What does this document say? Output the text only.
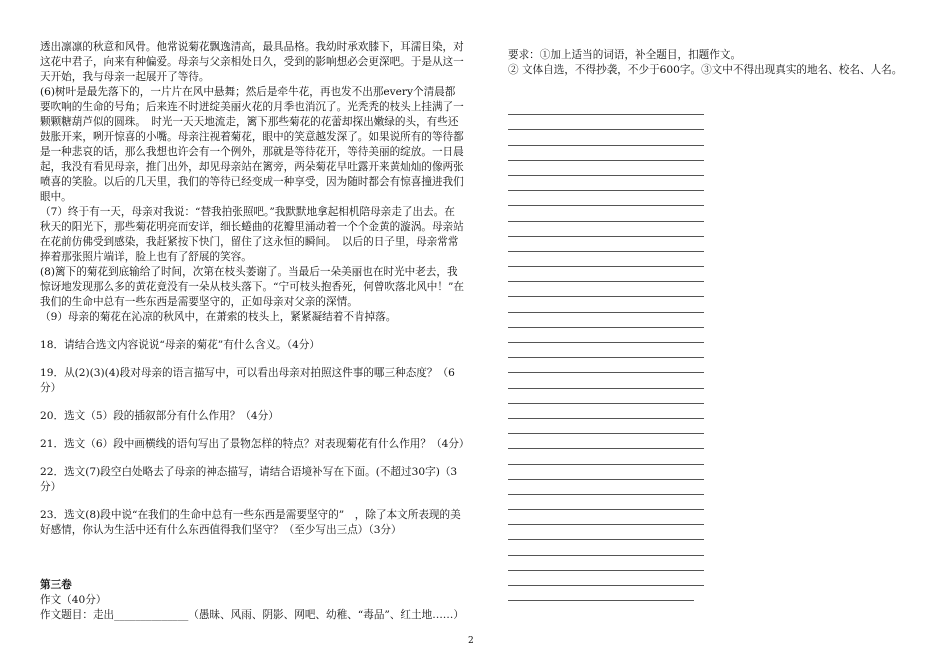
透出凛凛的秋意和风骨。他常说菊花飘逸清高，最具品格。我幼时承欢膝下，耳濡目染，对这花中君子，向来有种偏爱。母亲与父亲相处日久，受到的影响想必会更深吧。于是从这一天开始，我与母亲一起展开了等待。

(6)树叶是最先落下的，一片片在风中悬舞；然后是牵牛花，再也发不出那every个清晨都要吹响的生命的号角；后来连不时迸绽美丽火花的月季也消沉了。光秃秃的枝头上挂满了一颗颗糖葫芦似的圆珠。　时光一天天地流走，篱下那些菊花的花蕾却探出嫩绿的头，有些还鼓胀开来，咧开惊喜的小嘴。母亲注视着菊花，眼中的笑意越发深了。如果说所有的等待都是一种悲哀的话，那么我想也许会有一个例外，那就是等待花开，等待美丽的绽放。一日晨起，我没有看见母亲，推门出外，却见母亲站在篱旁，两朵菊花早吐露开来黄灿灿的像两张喷喜的笑脸。以后的几天里，我们的等待已经变成一种享受，因为随时都会有惊喜撞进我们眼中。

（7）终于有一天，母亲对我说：“替我拍张照吧。”我默默地拿起相机陪母亲走了出去。在秋天的阳光下，那些菊花明亮而安详，细长蜷曲的花瓣里涌动着一个个金黄的漩涡。母亲站在花前仿佛受到感染，我赶紧按下快门，留住了这永恒的瞬间。　以后的日子里，母亲常常捧着那张照片端详，脸上也有了舒展的笑容。

(8)篱下的菊花到底输给了时间，次第在枝头萎谢了。当最后一朵美丽也在时光中老去，我惊讶地发现那么多的黄花竟没有一朵从枝头落下。“宁可枝头抱香死，何曾吹落北风中！”在我们的生命中总有一些东西是需要坚守的，正如母亲对父亲的深情。

（9）母亲的菊花在沁凉的秋风中，在萧索的枝头上，紧紧凝结着不肯掉落。

18．请结合选文内容说说“母亲的菊花”有什么含义。（4分）

19．从(2)(3)(4)段对母亲的语言描写中，可以看出母亲对拍照这件事的哪三种态度？（6分）

20．选文（5）段的插叙部分有什么作用？（4分）

21．选文（6）段中画横线的语句写出了景物怎样的特点？对表现菊花有什么作用？（4分）

22．选文(7)段空白处略去了母亲的神态描写，请结合语境补写在下面。(不超过30字)（3分）

23．选文(8)段中说“在我们的生命中总有一些东西是需要坚守的”　，除了本文所表现的美好感情，你认为生活中还有什么东西值得我们坚守？（至少写出三点）（3分）

第三卷

作文（40分）

作文题目：走出______________（愚昧、风雨、阴影、网吧、幼稚、“毒品”、红土地……）

要求：①加上适当的词语，补全题目，扣题作文。

② 文体自选，不得抄袭，不少于600字。③文中不得出现真实的地名、校名、人名。

2
